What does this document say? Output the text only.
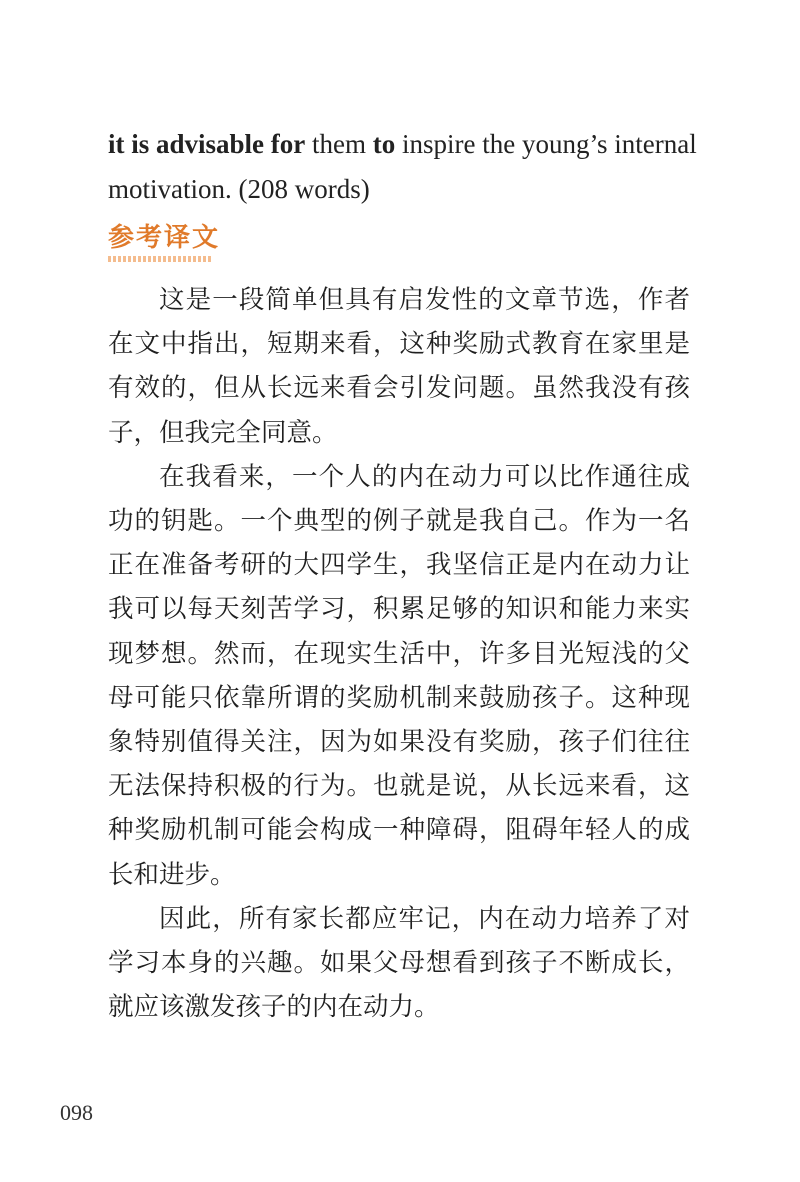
it is advisable for them to inspire the young’s internal motivation. (208 words)
参考译文

这是一段简单但具有启发性的文章节选，作者在文中指出，短期来看，这种奖励式教育在家里是有效的，但从长远来看会引发问题。虽然我没有孩子，但我完全同意。

在我看来，一个人的内在动力可以比作通往成功的钥匙。一个典型的例子就是我自己。作为一名正在准备考研的大四学生，我坚信正是内在动力让我可以每天刻苦学习，积累足够的知识和能力来实现梦想。然而，在现实生活中，许多目光短浅的父母可能只依靠所谓的奖励机制来鼓励孩子。这种现象特别值得关注，因为如果没有奖励，孩子们往往无法保持积极的行为。也就是说，从长远来看，这种奖励机制可能会构成一种障碍，阻碍年轻人的成长和进步。

因此，所有家长都应牢记，内在动力培养了对学习本身的兴趣。如果父母想看到孩子不断成长，就应该激发孩子的内在动力。

098
